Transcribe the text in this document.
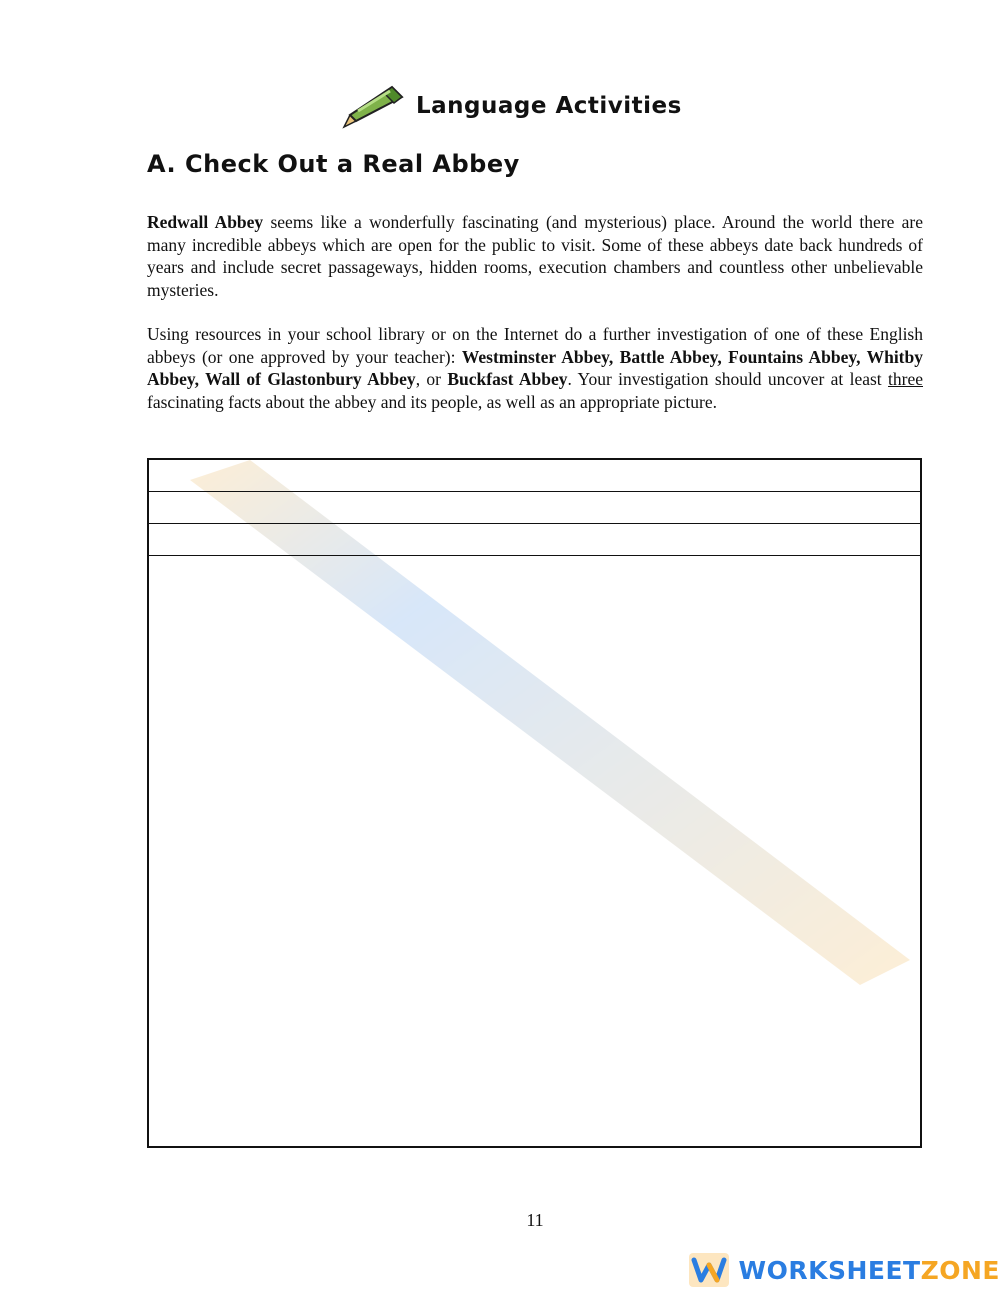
Language Activities
A. Check Out a Real Abbey

Redwall Abbey seems like a wonderfully fascinating (and mysterious) place. Around the world there are many incredible abbeys which are open for the public to visit. Some of these abbeys date back hundreds of years and include secret passageways, hidden rooms, execution chambers and countless other unbelievable mysteries.

Using resources in your school library or on the Internet do a further investigation of one of these English abbeys (or one approved by your teacher): Westminster Abbey, Battle Abbey, Fountains Abbey, Whitby Abbey, Wall of Glastonbury Abbey, or Buckfast Abbey. Your investigation should uncover at least three fascinating facts about the abbey and its people, as well as an appropriate picture.

11
WORKSHEET ZONE
